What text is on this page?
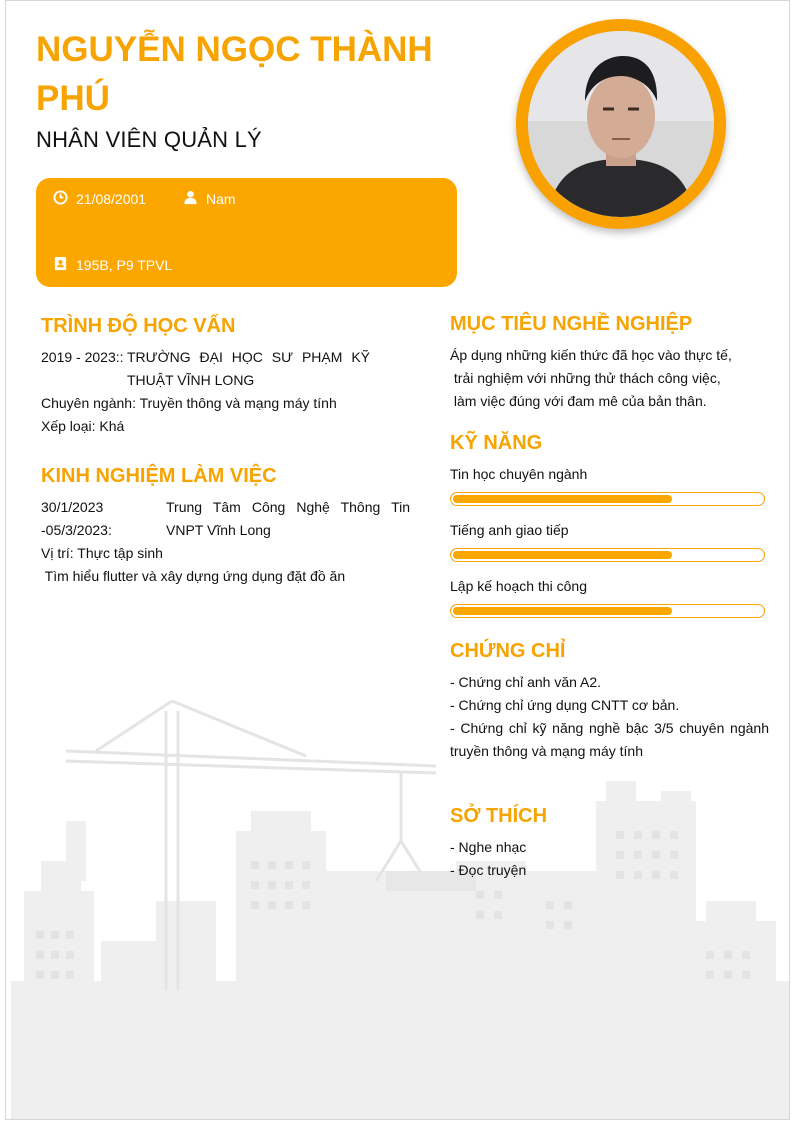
NGUYỄN NGỌC THÀNH PHÚ
NHÂN VIÊN QUẢN LÝ
21/08/2001	Nam
195B, P9 TPVL
TRÌNH ĐỘ HỌC VẤN
2019 - 2023:: TRƯỜNG ĐẠI HỌC SƯ PHẠM KỸ
THUẬT VĨNH LONG
Chuyên ngành: Truyền thông và mạng máy tính
Xếp loại: Khá
KINH NGHIỆM LÀM VIỆC
30/1/2023
-05/3/2023:
Trung Tâm Công Nghệ Thông Tin
VNPT Vĩnh Long
Vị trí: Thực tập sinh
Tìm hiểu flutter và xây dựng ứng dụng đặt đồ ăn
MỤC TIÊU NGHỀ NGHIỆP
Áp dụng những kiến thức đã học vào thực tế,
trải nghiệm với những thử thách công việc,
làm việc đúng với đam mê của bản thân.
KỸ NĂNG
Tin học chuyên ngành
Tiếng anh giao tiếp
Lập kế hoạch thi công
CHỨNG CHỈ
- Chứng chỉ anh văn A2.
- Chứng chỉ ứng dụng CNTT cơ bản.
- Chứng chỉ kỹ năng nghề bậc 3/5 chuyên ngành
truyền thông và mạng máy tính
SỞ THÍCH
- Nghe nhạc
- Đọc truyện
